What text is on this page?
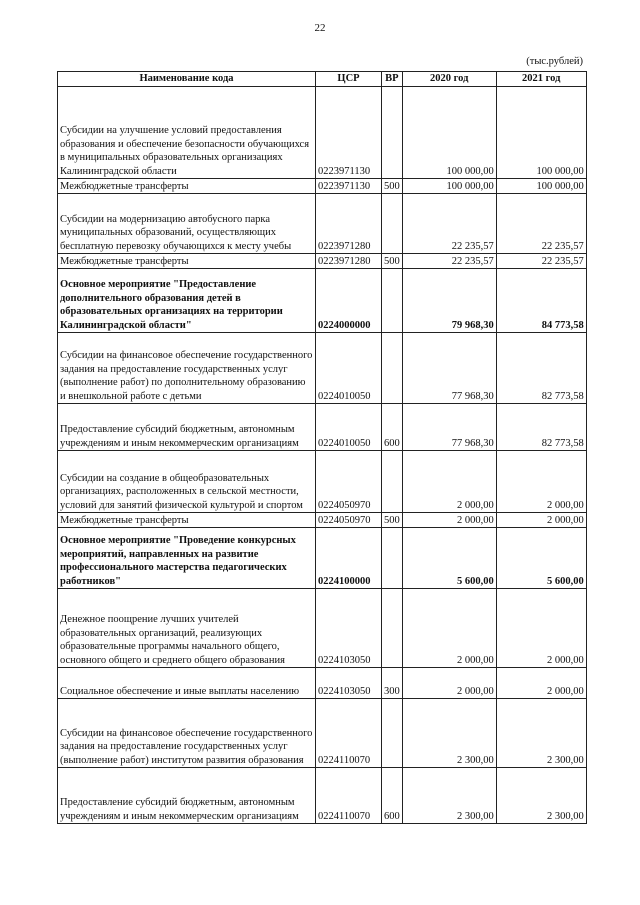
22
(тыс.рублей)
Наименование кода	ЦСР	ВР	2020 год	2021 год
Субсидии на улучшение условий предоставления образования и обеспечение безопасности обучающихся в муниципальных образовательных организациях Калининградской области	0223971130		100 000,00	100 000,00
Межбюджетные трансферты	0223971130	500	100 000,00	100 000,00
Субсидии на модернизацию автобусного парка муниципальных образований, осуществляющих бесплатную перевозку обучающихся к месту учебы	0223971280		22 235,57	22 235,57
Межбюджетные трансферты	0223971280	500	22 235,57	22 235,57
Основное мероприятие "Предоставление дополнительного образования детей в образовательных организациях на территории Калининградской области"	0224000000		79 968,30	84 773,58
Субсидии на финансовое обеспечение государственного задания на предоставление государственных услуг (выполнение работ) по дополнительному образованию и внешкольной работе с детьми	0224010050		77 968,30	82 773,58
Предоставление субсидий бюджетным, автономным учреждениям и иным некоммерческим организациям	0224010050	600	77 968,30	82 773,58
Субсидии на создание в общеобразовательных организациях, расположенных в сельской местности, условий для занятий физической культурой и спортом	0224050970		2 000,00	2 000,00
Межбюджетные трансферты	0224050970	500	2 000,00	2 000,00
Основное мероприятие "Проведение конкурсных мероприятий, направленных на развитие профессионального мастерства педагогических работников"	0224100000		5 600,00	5 600,00
Денежное поощрение лучших учителей образовательных организаций, реализующих образовательные программы начального общего, основного общего и среднего общего образования	0224103050		2 000,00	2 000,00
Социальное обеспечение и иные выплаты населению	0224103050	300	2 000,00	2 000,00
Субсидии на финансовое обеспечение государственного задания на предоставление государственных услуг (выполнение работ) институтом развития образования	0224110070		2 300,00	2 300,00
Предоставление субсидий бюджетным, автономным учреждениям и иным некоммерческим организациям	0224110070	600	2 300,00	2 300,00
